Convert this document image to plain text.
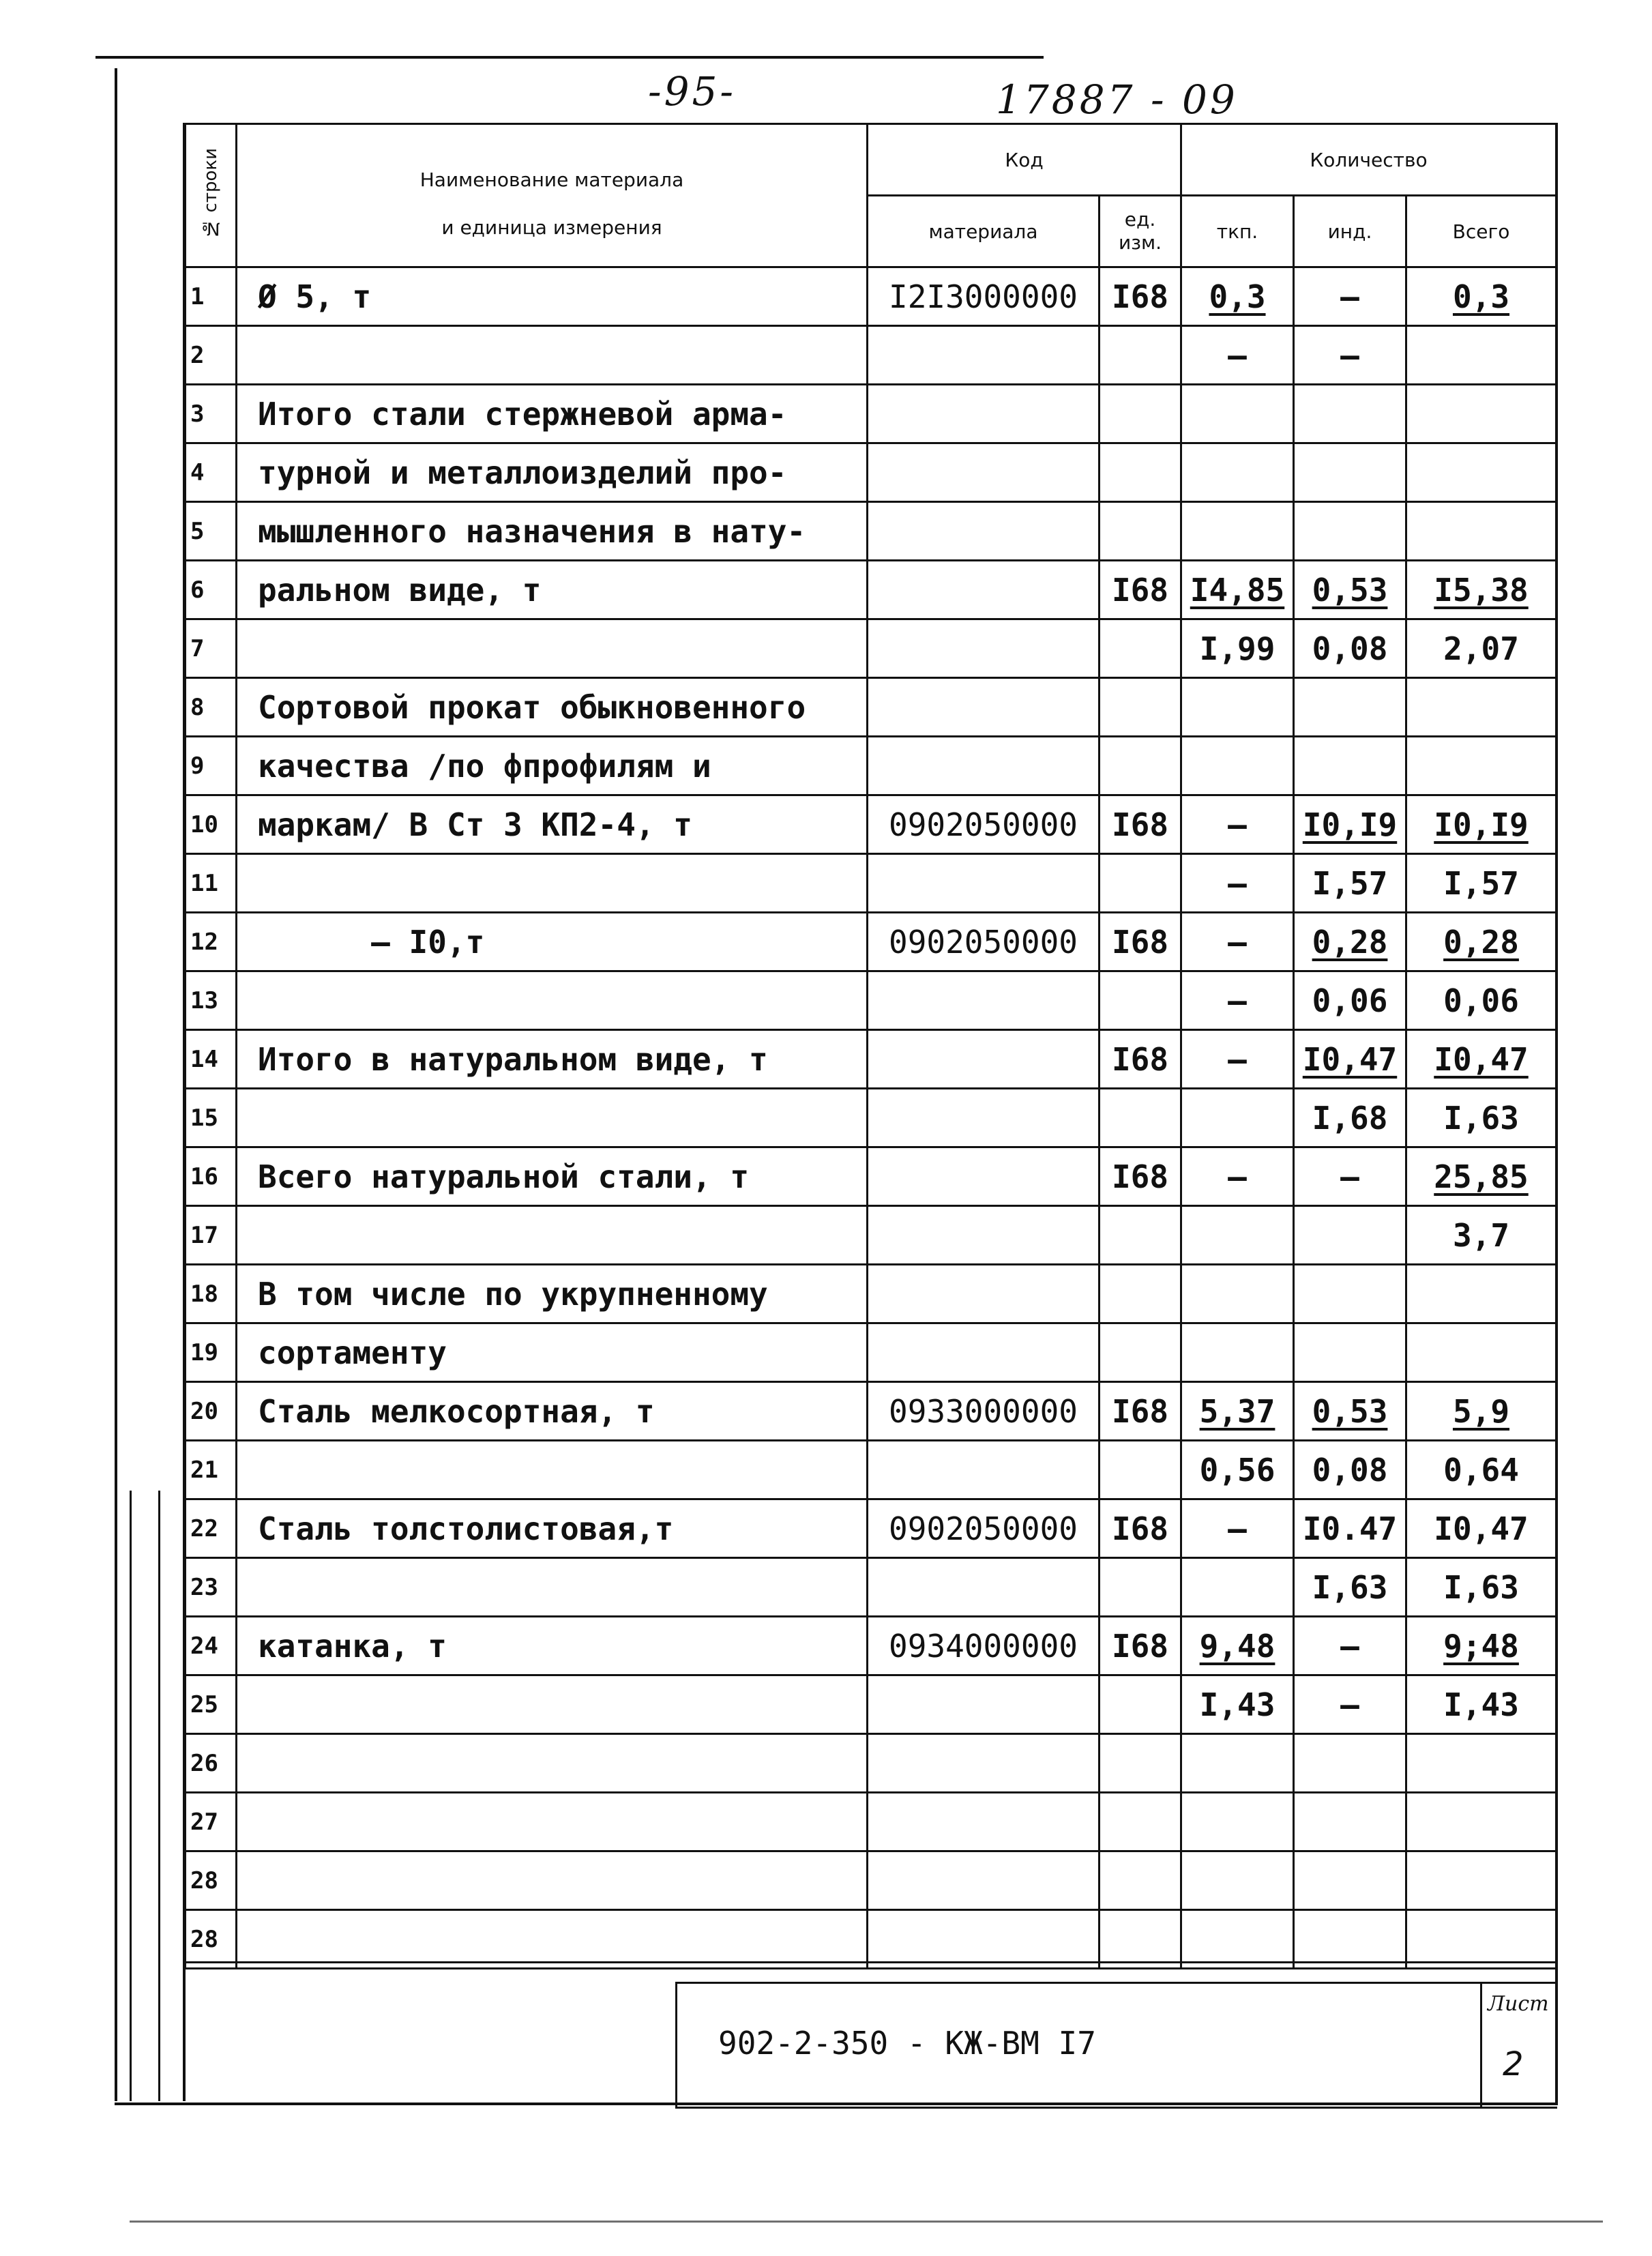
-95-	17887 - 09
№ строки	Наименование материала
и единица измерения	Код		Количество		
		материала	ед. изм.	ткп.	инд.	Всего
1	Ø 5, т	I2I3000000	I68	0,3	–	0,3
2				–	–	
3	Итого стали стержневой арма-					
4	турной и металлоизделий про-					
5	мышленного назначения в нату-					
6	ральном виде, т		I68	I4,85	0,53	I5,38
7				I,99	0,08	2,07
8	Сортовой прокат обыкновенного					
9	качества /по фпрофилям и					
10	маркам/ В Ст 3 КП2-4, т	0902050000	I68	–	I0,I9	I0,I9
11				–	I,57	I,57
12	– I0,т	0902050000	I68	–	0,28	0,28
13				–	0,06	0,06
14	Итого в натуральном виде, т		I68	–	I0,47	I0,47
15					I,68	I,63
16	Всего натуральной стали, т		I68	–	–	25,85
17						3,7
18	В том числе по укрупненному					
19	сортаменту					
20	Сталь мелкосортная, т	0933000000	I68	5,37	0,53	5,9
21				0,56	0,08	0,64
22	Сталь толстолистовая,т	0902050000	I68	–	I0.47	I0,47
23					I,63	I,63
24	катанка, т	0934000000	I68	9,48	–	9;48
25				I,43	–	I,43
26						
27						
28						
28						
902-2-350 - КЖ-ВМ I7
Лист
2
